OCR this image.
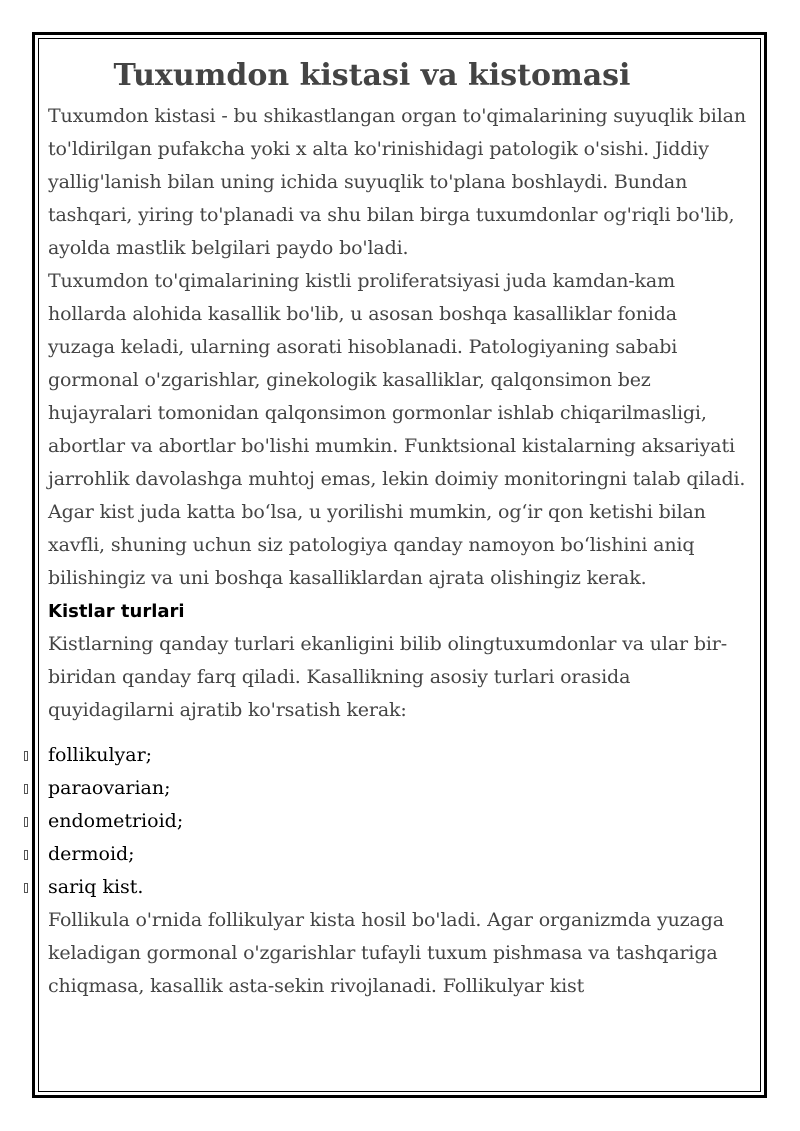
Tuxumdon kistasi va kistomasi

Tuxumdon kistasi - bu shikastlangan organ to'qimalarining suyuqlik bilan to'ldirilgan pufakcha yoki x alta ko'rinishidagi patologik o'sishi. Jiddiy yallig'lanish bilan uning ichida suyuqlik to'plana boshlaydi. Bundan tashqari, yiring to'planadi va shu bilan birga tuxumdonlar og'riqli bo'lib, ayolda mastlik belgilari paydo bo'ladi.

Tuxumdon to'qimalarining kistli proliferatsiyasi juda kamdan-kam hollarda alohida kasallik bo'lib, u asosan boshqa kasalliklar fonida yuzaga keladi, ularning asorati hisoblanadi. Patologiyaning sababi gormonal o'zgarishlar, ginekologik kasalliklar, qalqonsimon bez hujayralari tomonidan qalqonsimon gormonlar ishlab chiqarilmasligi, abortlar va abortlar bo'lishi mumkin. Funktsional kistalarning aksariyati jarrohlik davolashga muhtoj emas, lekin doimiy monitoringni talab qiladi.

Agar kist juda katta bo‘lsa, u yorilishi mumkin, og‘ir qon ketishi bilan xavfli, shuning uchun siz patologiya qanday namoyon bo‘lishini aniq bilishingiz va uni boshqa kasalliklardan ajrata olishingiz kerak.

Kistlar turlari

Kistlarning qanday turlari ekanligini bilib olingtuxumdonlar va ular bir-biridan qanday farq qiladi. Kasallikning asosiy turlari orasida quyidagilarni ajratib ko'rsatish kerak:

follikulyar;
paraovarian;
endometrioid;
dermoid;
sariq kist.

Follikula o'rnida follikulyar kista hosil bo'ladi. Agar organizmda yuzaga keladigan gormonal o'zgarishlar tufayli tuxum pishmasa va tashqariga chiqmasa, kasallik asta-sekin rivojlanadi. Follikulyar kist
